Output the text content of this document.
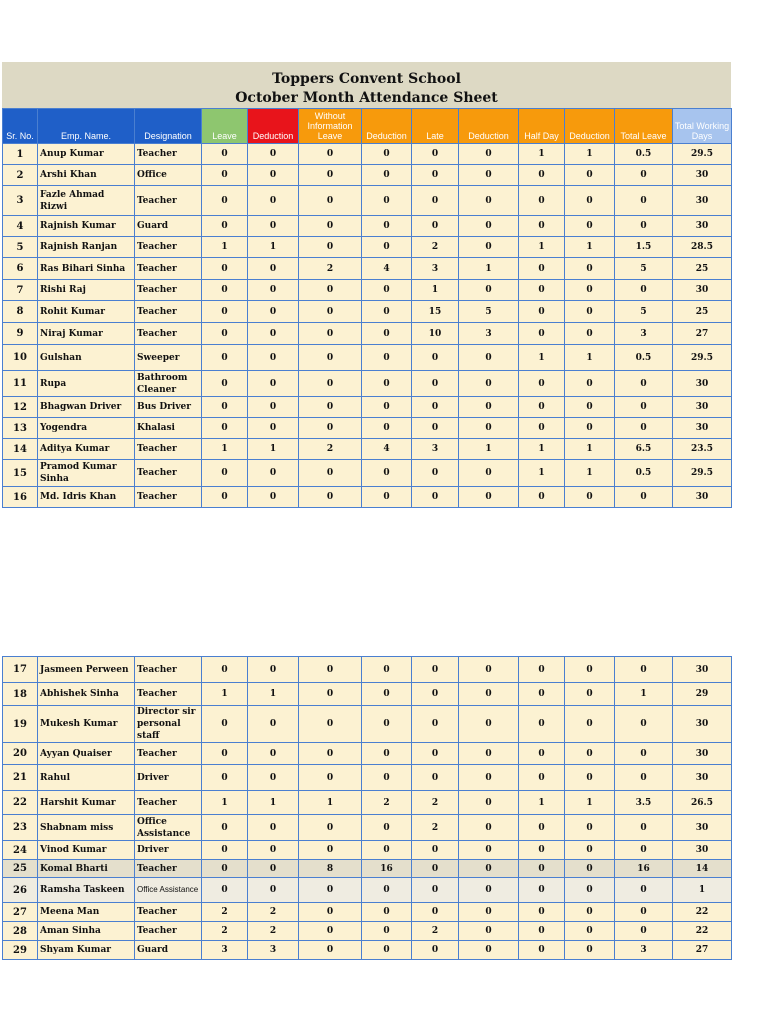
Toppers Convent School
October Month Attendance Sheet
Sr. No.	Emp. Name.	Designation	Leave	Deduction	Without Information Leave	Deduction	Late	Deduction	Half Day	Deduction	Total Leave	Total Working Days
1	Anup Kumar	Teacher	0	0	0	0	0	0	1	1	0.5	29.5
2	Arshi Khan	Office	0	0	0	0	0	0	0	0	0	30
3	Fazle Ahmad Rizwi	Teacher	0	0	0	0	0	0	0	0	0	30
4	Rajnish Kumar	Guard	0	0	0	0	0	0	0	0	0	30
5	Rajnish Ranjan	Teacher	1	1	0	0	2	0	1	1	1.5	28.5
6	Ras Bihari Sinha	Teacher	0	0	2	4	3	1	0	0	5	25
7	Rishi Raj	Teacher	0	0	0	0	1	0	0	0	0	30
8	Rohit Kumar	Teacher	0	0	0	0	15	5	0	0	5	25
9	Niraj Kumar	Teacher	0	0	0	0	10	3	0	0	3	27
10	Gulshan	Sweeper	0	0	0	0	0	0	1	1	0.5	29.5
11	Rupa	Bathroom Cleaner	0	0	0	0	0	0	0	0	0	30
12	Bhagwan Driver	Bus Driver	0	0	0	0	0	0	0	0	0	30
13	Yogendra	Khalasi	0	0	0	0	0	0	0	0	0	30
14	Aditya Kumar	Teacher	1	1	2	4	3	1	1	1	6.5	23.5
15	Pramod Kumar Sinha	Teacher	0	0	0	0	0	0	1	1	0.5	29.5
16	Md. Idris Khan	Teacher	0	0	0	0	0	0	0	0	0	30
17	Jasmeen Perween	Teacher	0	0	0	0	0	0	0	0	0	30
18	Abhishek Sinha	Teacher	1	1	0	0	0	0	0	0	1	29
19	Mukesh Kumar	Director sir personal staff	0	0	0	0	0	0	0	0	0	30
20	Ayyan Quaiser	Teacher	0	0	0	0	0	0	0	0	0	30
21	Rahul	Driver	0	0	0	0	0	0	0	0	0	30
22	Harshit Kumar	Teacher	1	1	1	2	2	0	1	1	3.5	26.5
23	Shabnam miss	Office Assistance	0	0	0	0	2	0	0	0	0	30
24	Vinod Kumar	Driver	0	0	0	0	0	0	0	0	0	30
25	Komal Bharti	Teacher	0	0	8	16	0	0	0	0	16	14
26	Ramsha Taskeen	Office Assistance	0	0	0	0	0	0	0	0	0	1
27	Meena Man	Teacher	2	2	0	0	0	0	0	0	0	22
28	Aman Sinha	Teacher	2	2	0	0	2	0	0	0	0	22
29	Shyam Kumar	Guard	3	3	0	0	0	0	0	0	3	27
